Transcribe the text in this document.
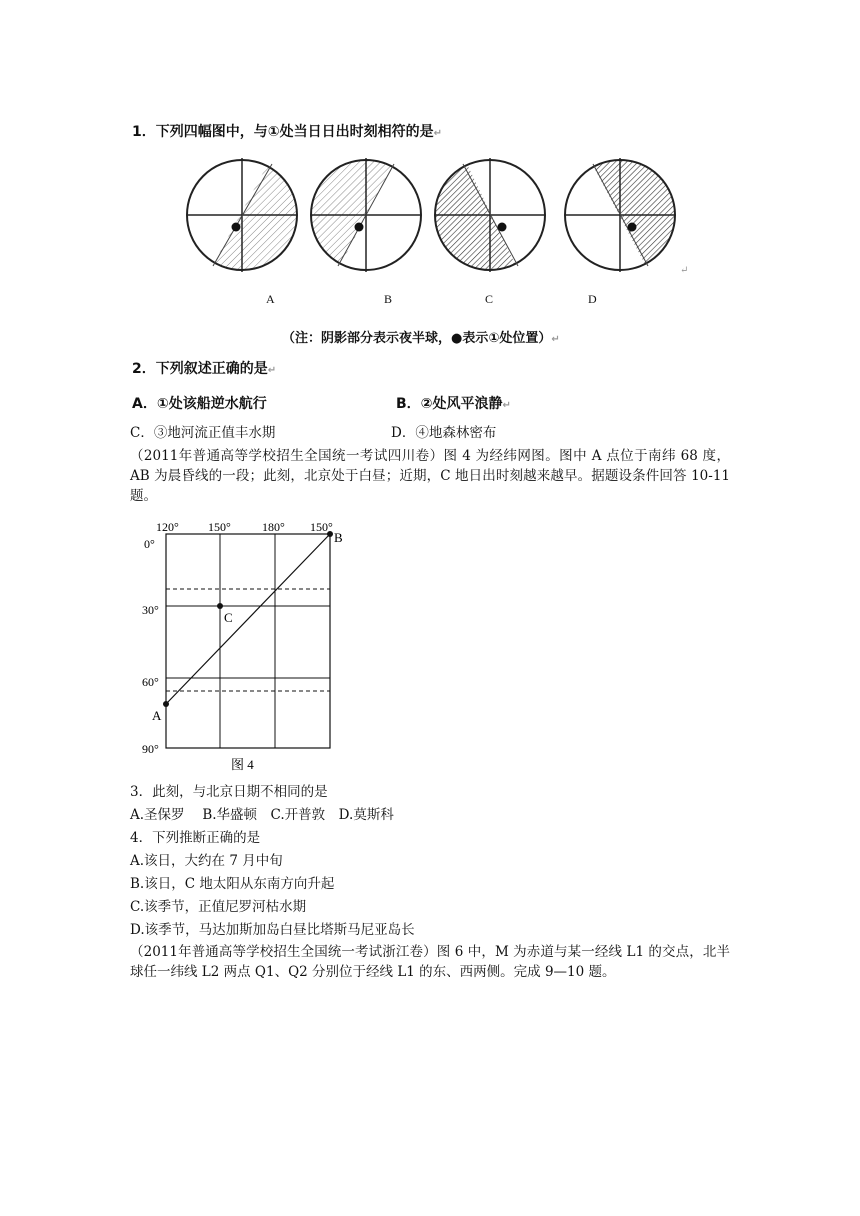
1．下列四幅图中，与①处当日日出时刻相符的是↵
↵
A	B	C	D
（注：阴影部分表示夜半球，●表示①处位置）↵
2．下列叙述正确的是↵
A．①处该船逆水航行	B．②处风平浪静↵
C．③地河流正值丰水期	D．④地森林密布
（2011年普通高等学校招生全国统一考试四川卷）图 4 为经纬网图。图中 A 点位于南纬 68 度，AB 为晨昏线的一段；此刻，北京处于白昼；近期，C 地日出时刻越来越早。据题设条件回答 10-11 题。
120° 150°	180° 150°
0°
30°
60°
90°
A
B
C
图 4
3．此刻，与北京日期不相同的是
A.圣保罗　 B.华盛顿　C.开普敦　D.莫斯科
4．下列推断正确的是
A.该日，大约在 7 月中旬
B.该日，C 地太阳从东南方向升起
C.该季节，正值尼罗河枯水期
D.该季节，马达加斯加岛白昼比塔斯马尼亚岛长
（2011年普通高等学校招生全国统一考试浙江卷）图 6 中，M 为赤道与某一经线 L1 的交点，北半球任一纬线 L2 两点 Q1、Q2 分别位于经线 L1 的东、西两侧。完成 9—10 题。
